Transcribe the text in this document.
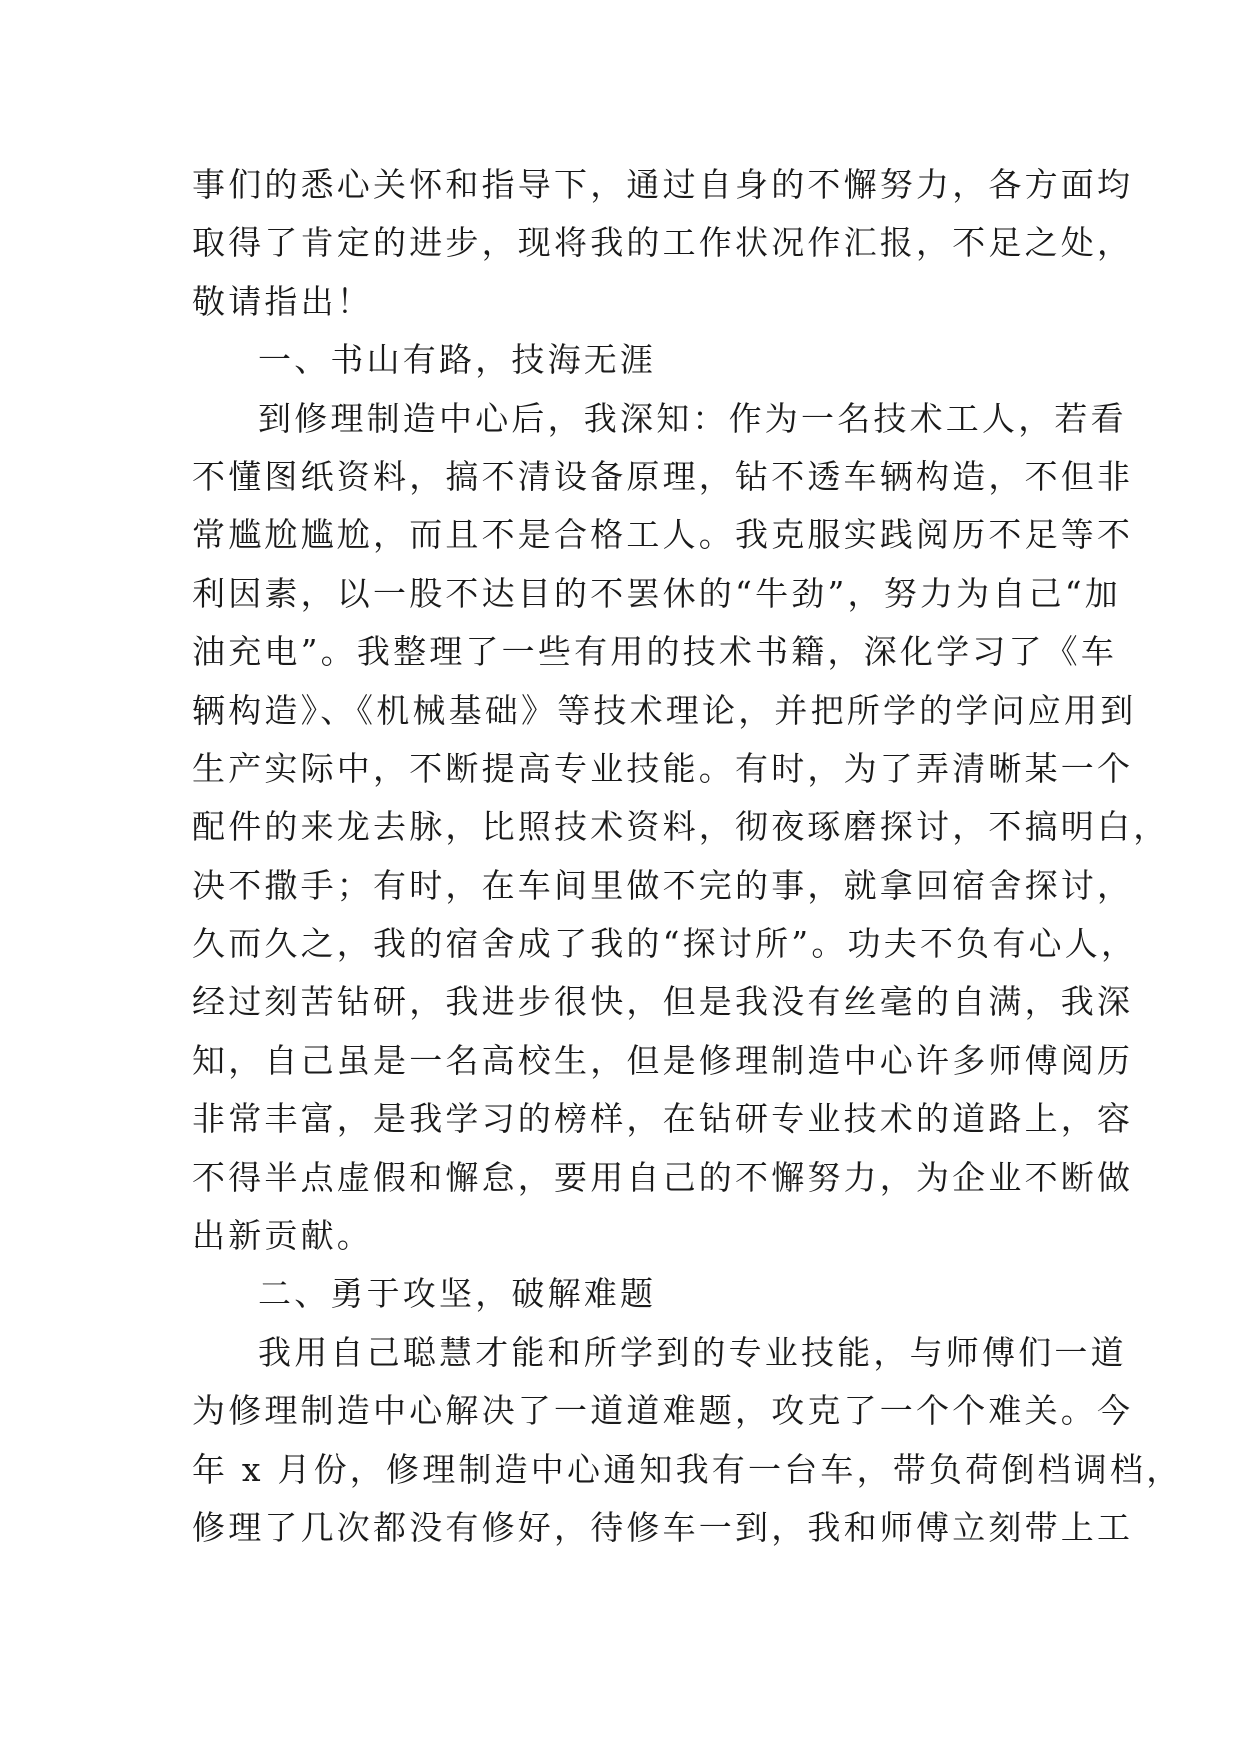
事们的悉心关怀和指导下，通过自身的不懈努力，各方面均
取得了肯定的进步，现将我的工作状况作汇报，不足之处，
敬请指出！
一、书山有路，技海无涯
到修理制造中心后，我深知：作为一名技术工人，若看
不懂图纸资料，搞不清设备原理，钻不透车辆构造，不但非
常尴尬尴尬，而且不是合格工人。我克服实践阅历不足等不
利因素，以一股不达目的不罢休的“牛劲”，努力为自己“加
油充电”。我整理了一些有用的技术书籍，深化学习了《车
辆构造》、《机械基础》等技术理论，并把所学的学问应用到
生产实际中，不断提高专业技能。有时，为了弄清晰某一个
配件的来龙去脉，比照技术资料，彻夜琢磨探讨，不搞明白，
决不撒手；有时，在车间里做不完的事，就拿回宿舍探讨，
久而久之，我的宿舍成了我的“探讨所”。功夫不负有心人，
经过刻苦钻研，我进步很快，但是我没有丝毫的自满，我深
知，自己虽是一名高校生，但是修理制造中心许多师傅阅历
非常丰富，是我学习的榜样，在钻研专业技术的道路上，容
不得半点虚假和懈怠，要用自己的不懈努力，为企业不断做
出新贡献。
二、勇于攻坚，破解难题
我用自己聪慧才能和所学到的专业技能，与师傅们一道
为修理制造中心解决了一道道难题，攻克了一个个难关。今
年 x 月份，修理制造中心通知我有一台车，带负荷倒档调档，
修理了几次都没有修好，待修车一到，我和师傅立刻带上工
